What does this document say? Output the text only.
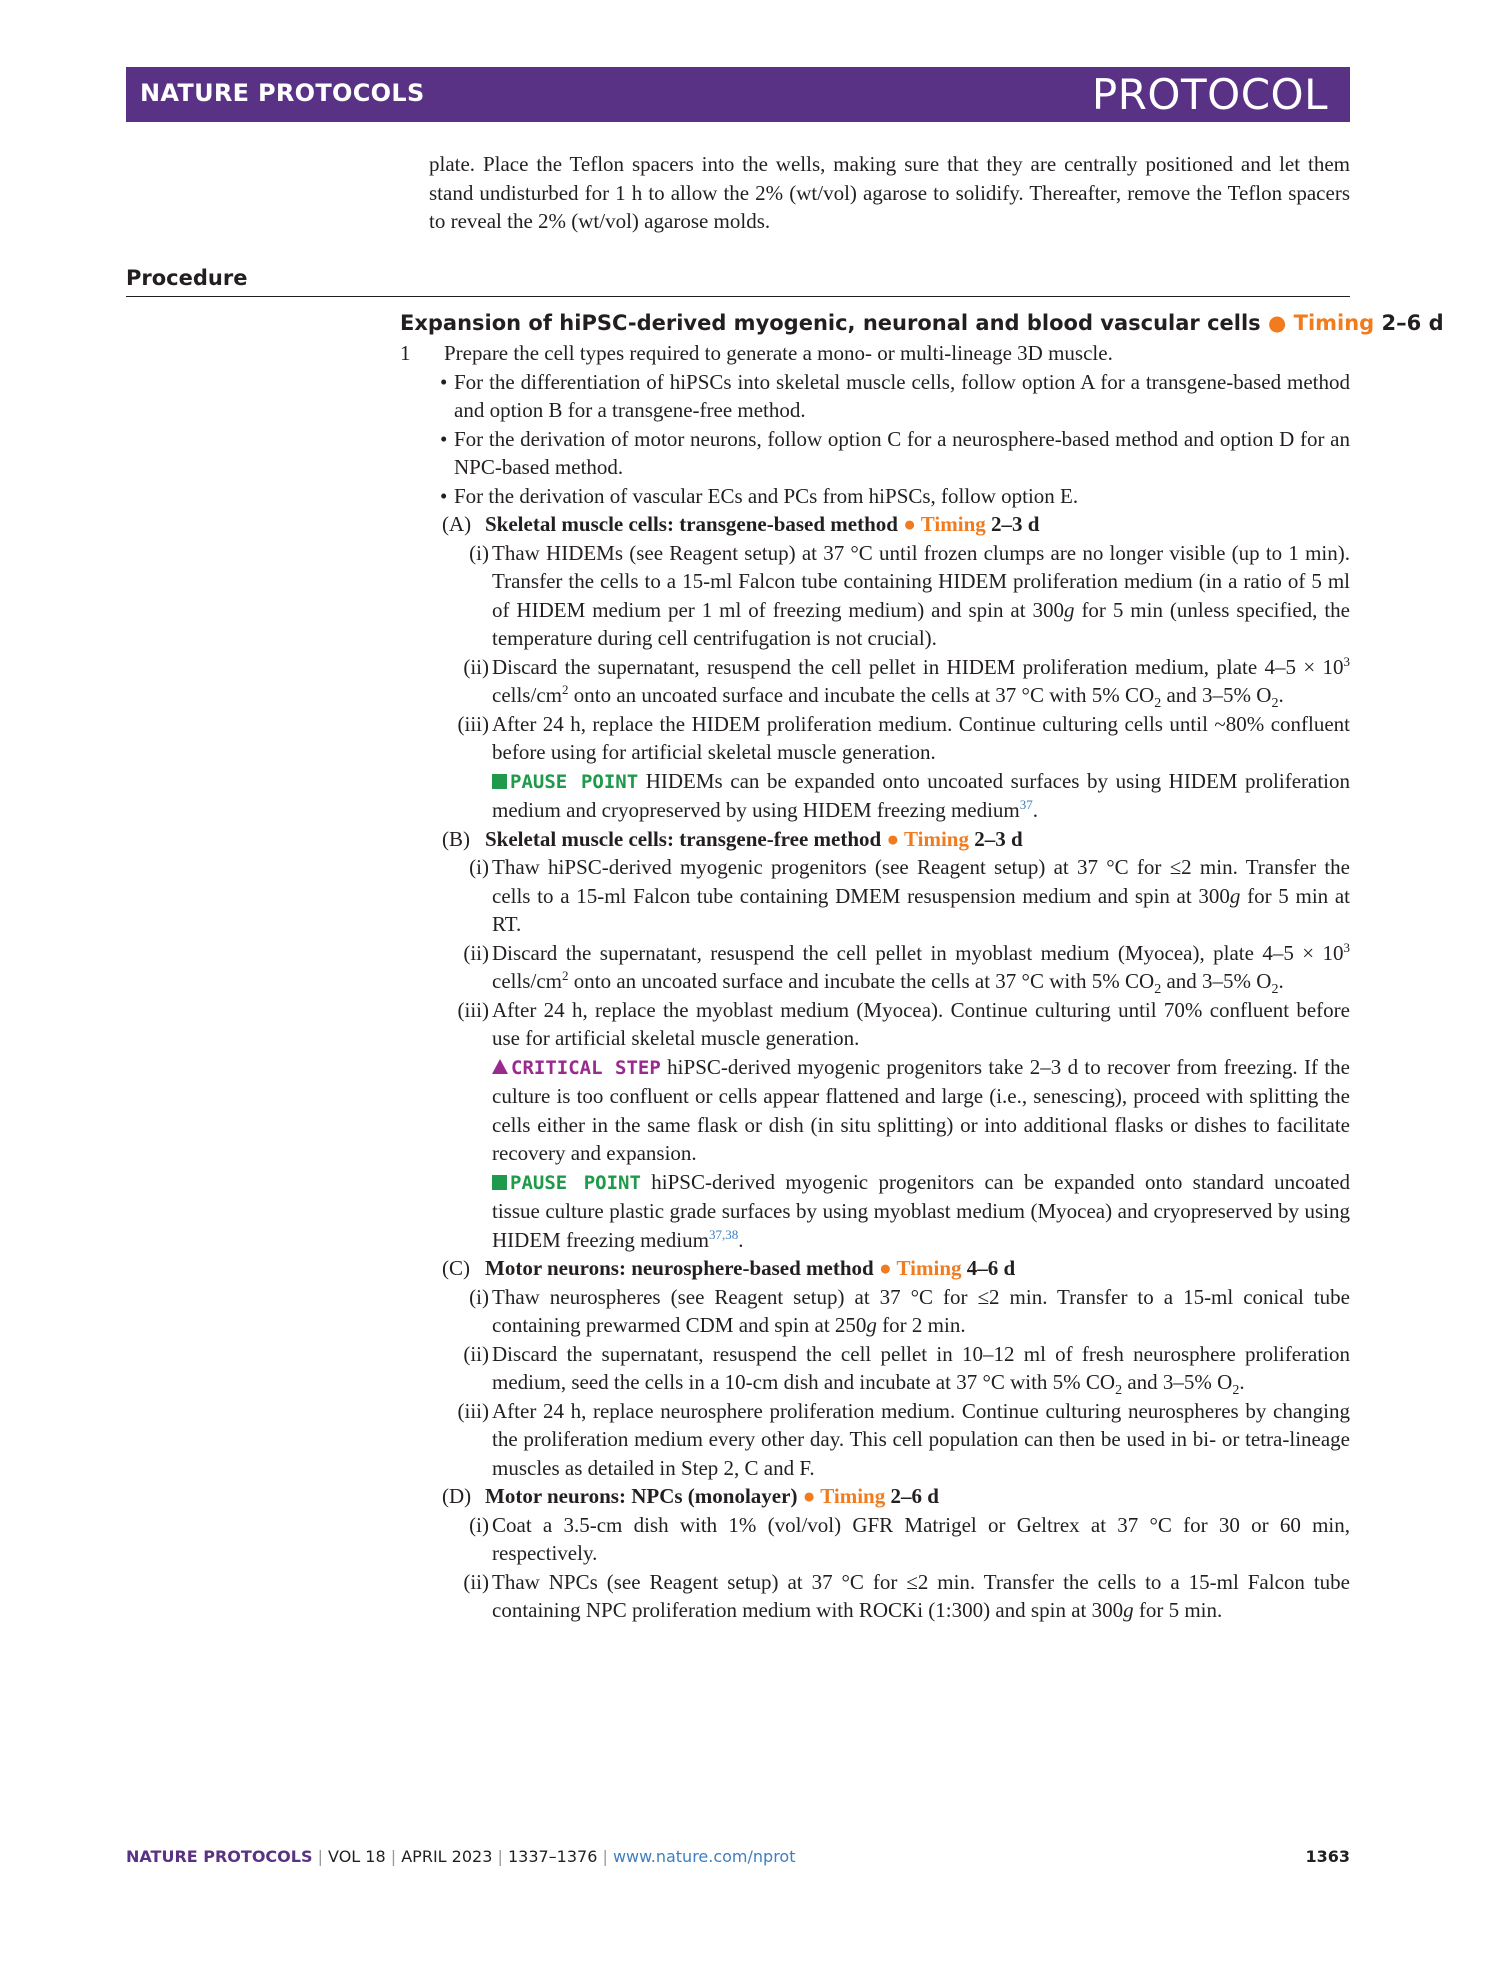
NATURE PROTOCOLS	PROTOCOL
plate. Place the Teflon spacers into the wells, making sure that they are centrally positioned and let them stand undisturbed for 1 h to allow the 2% (wt/vol) agarose to solidify. Thereafter, remove the Teflon spacers to reveal the 2% (wt/vol) agarose molds.
Procedure
Expansion of hiPSC-derived myogenic, neuronal and blood vascular cells ● Timing 2–6 d
1 Prepare the cell types required to generate a mono- or multi-lineage 3D muscle.
• For the differentiation of hiPSCs into skeletal muscle cells, follow option A for a transgene-based method and option B for a transgene-free method.
• For the derivation of motor neurons, follow option C for a neurosphere-based method and option D for an NPC-based method.
• For the derivation of vascular ECs and PCs from hiPSCs, follow option E.
(A) Skeletal muscle cells: transgene-based method ● Timing 2–3 d
(i) Thaw HIDEMs (see Reagent setup) at 37 °C until frozen clumps are no longer visible (up to 1 min). Transfer the cells to a 15-ml Falcon tube containing HIDEM proliferation medium (in a ratio of 5 ml of HIDEM medium per 1 ml of freezing medium) and spin at 300g for 5 min (unless specified, the temperature during cell centrifugation is not crucial).
(ii) Discard the supernatant, resuspend the cell pellet in HIDEM proliferation medium, plate $4-5 \times 10^3$ cells/$cm^2$ onto an uncoated surface and incubate the cells at 37 °C with 5% $CO_2$ and 3–5% $O_2$.
(iii) After 24 h, replace the HIDEM proliferation medium. Continue culturing cells until ~80% confluent before using for artificial skeletal muscle generation.
PAUSE POINT HIDEMs can be expanded onto uncoated surfaces by using HIDEM proliferation medium and cryopreserved by using HIDEM freezing medium$^{37}$.
(B) Skeletal muscle cells: transgene-free method ● Timing 2–3 d
(i) Thaw hiPSC-derived myogenic progenitors (see Reagent setup) at 37 °C for ≤2 min. Transfer the cells to a 15-ml Falcon tube containing DMEM resuspension medium and spin at 300g for 5 min at RT.
(ii) Discard the supernatant, resuspend the cell pellet in myoblast medium (Myocea), plate $4-5 \times 10^3$ cells/$cm^2$ onto an uncoated surface and incubate the cells at 37 °C with 5% $CO_2$ and 3–5% $O_2$.
(iii) After 24 h, replace the myoblast medium (Myocea). Continue culturing until 70% confluent before use for artificial skeletal muscle generation.
CRITICAL STEP hiPSC-derived myogenic progenitors take 2–3 d to recover from freezing. If the culture is too confluent or cells appear flattened and large (i.e., senescing), proceed with splitting the cells either in the same flask or dish (in situ splitting) or into additional flasks or dishes to facilitate recovery and expansion.
PAUSE POINT hiPSC-derived myogenic progenitors can be expanded onto standard uncoated tissue culture plastic grade surfaces by using myoblast medium (Myocea) and cryopreserved by using HIDEM freezing medium$^{37,38}$.
(C) Motor neurons: neurosphere-based method ● Timing 4–6 d
(i) Thaw neurospheres (see Reagent setup) at 37 °C for ≤2 min. Transfer to a 15-ml conical tube containing prewarmed CDM and spin at 250g for 2 min.
(ii) Discard the supernatant, resuspend the cell pellet in 10–12 ml of fresh neurosphere proliferation medium, seed the cells in a 10-cm dish and incubate at 37 °C with 5% $CO_2$ and 3–5% $O_2$.
(iii) After 24 h, replace neurosphere proliferation medium. Continue culturing neurospheres by changing the proliferation medium every other day. This cell population can then be used in bi- or tetra-lineage muscles as detailed in Step 2, C and F.
(D) Motor neurons: NPCs (monolayer) ● Timing 2–6 d
(i) Coat a 3.5-cm dish with 1% (vol/vol) GFR Matrigel or Geltrex at 37 °C for 30 or 60 min, respectively.
(ii) Thaw NPCs (see Reagent setup) at 37 °C for ≤2 min. Transfer the cells to a 15-ml Falcon tube containing NPC proliferation medium with ROCKi (1:300) and spin at 300g for 5 min.
NATURE PROTOCOLS | VOL 18 | APRIL 2023 | 1337–1376 | www.nature.com/nprot	1363
